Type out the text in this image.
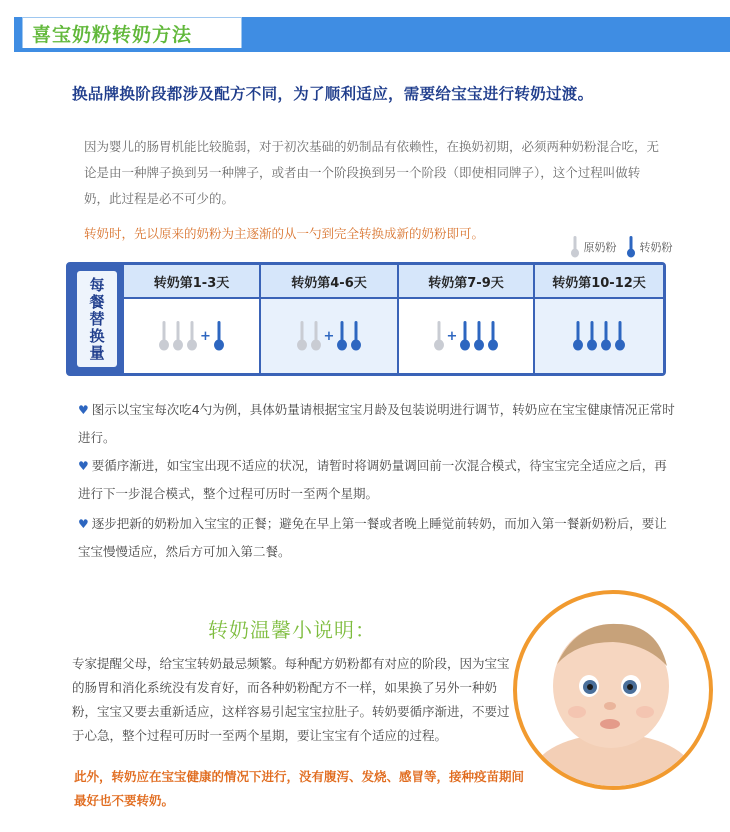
喜宝奶粉转奶方法
换品牌换阶段都涉及配方不同，为了顺利适应，需要给宝宝进行转奶过渡。
因为婴儿的肠胃机能比较脆弱，对于初次基础的奶制品有依赖性，在换奶初期，必须两种奶粉混合吃，无论是由一种牌子换到另一种牌子，或者由一个阶段换到另一个阶段（即使相同牌子），这个过程叫做转奶，此过程是必不可少的。
转奶时，先以原来的奶粉为主逐渐的从一勺到完全转换成新的奶粉即可。
原奶粉 转奶粉
每餐替换量	转奶第1-3天
+
转奶第4-6天
+
转奶第7-9天
+
转奶第10-12天
♥ 图示以宝宝每次吃4勺为例，具体奶量请根据宝宝月龄及包装说明进行调节，转奶应在宝宝健康情况正常时进行。
♥ 要循序渐进，如宝宝出现不适应的状况，请暂时将调奶量调回前一次混合模式，待宝宝完全适应之后，再进行下一步混合模式，整个过程可历时一至两个星期。
♥ 逐步把新的奶粉加入宝宝的正餐；避免在早上第一餐或者晚上睡觉前转奶，而加入第一餐新奶粉后，要让宝宝慢慢适应，然后方可加入第二餐。
转奶温馨小说明：
专家提醒父母，给宝宝转奶最忌频繁。每种配方奶粉都有对应的阶段，因为宝宝的肠胃和消化系统没有发育好，而各种奶粉配方不一样，如果换了另外一种奶粉，宝宝又要去重新适应，这样容易引起宝宝拉肚子。转奶要循序渐进，不要过于心急，整个过程可历时一至两个星期，要让宝宝有个适应的过程。
此外，转奶应在宝宝健康的情况下进行，没有腹泻、发烧、感冒等，接种疫苗期间最好也不要转奶。
